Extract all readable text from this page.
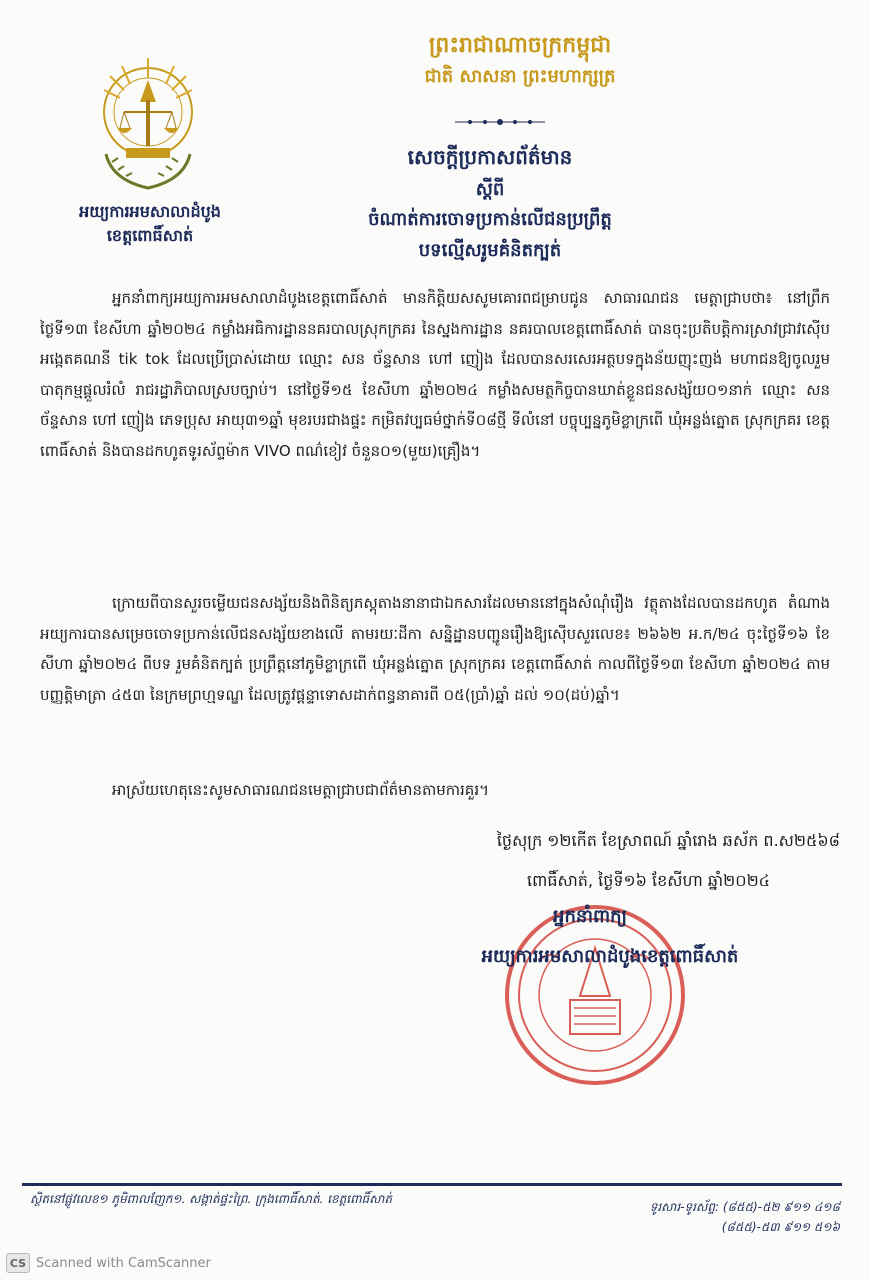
អយ្យការអមសាលាដំបូង
ខេត្តពោធិ៍សាត់
ព្រះរាជាណាចក្រកម្ពុជា
ជាតិ សាសនា ព្រះមហាក្សត្រ
សេចក្ដីប្រកាសព័ត៌មាន
ស្ដីពី
ចំណាត់ការចោទប្រកាន់លើជនប្រព្រឹត្ត
បទល្មើសរូមគំនិតក្បត់
អ្នកនាំពាក្យអយ្យការអមសាលាដំបូងខេត្តពោធិ៍សាត់ មានកិត្តិយសសូមគោរពជម្រាបជូន សាធារណជន មេត្តាជ្រាបថា៖ នៅព្រឹកថ្ងៃទី១៣ ខែសីហា ឆ្នាំ២០២៤ កម្លាំងអធិការដ្ឋាននគរបាលស្រុកក្រគរ នៃស្នងការដ្ឋាន នគរបាលខេត្តពោធិ៍សាត់ បានចុះប្រតិបត្តិការស្រាវជ្រាវស៊ើបអង្កេតគណនី tik tok ដែលប្រើប្រាស់ដោយ ឈ្មោះ សន ច័ន្ទសាន ហៅ ញៀង ដែលបានសរសេរអត្ថបទក្នុងន័យញុះញង់ មហាជនឱ្យចូលរួមបាតុកម្មផ្ដួលរំលំ រាជរដ្ឋាភិបាលស្របច្បាប់។ នៅថ្ងៃទី១៥ ខែសីហា ឆ្នាំ២០២៤ កម្លាំងសមត្ថកិច្ចបានឃាត់ខ្លួនជនសង្ស័យ០១នាក់ ឈ្មោះ សន ច័ន្ទសាន ហៅ ញៀង ភេទប្រុស អាយុ៣១ឆ្នាំ មុខរបរជាងផ្ទះ កម្រិតវប្បធម៌ថ្នាក់ទី០៨ថ្មី ទីលំនៅ បច្ចុប្បន្នភូមិខ្លាក្រពើ ឃុំអន្លង់ត្នោត ស្រុកក្រគរ ខេត្តពោធិ៍សាត់ និងបានដកហូតទូរស័ព្ទម៉ាក VIVO ពណ៌ខៀវ ចំនួន០១(មួយ)គ្រឿង។
ក្រោយពីបានសួរចម្លើយជនសង្ស័យនិងពិនិត្យភស្តុតាងនានាជាឯកសារដែលមាននៅក្នុងសំណុំរឿង វត្ថុតាងដែលបានដកហូត តំណាងអយ្យការបានសម្រេចចោទប្រកាន់លើជនសង្ស័យខាងលើ តាមរយៈដីកា សន្និដ្ឋានបញ្ជូនរឿងឱ្យស៊ើបសួរលេខ៖ ២៦៦២ អ.ក/២៤ ចុះថ្ងៃទី១៦ ខែសីហា ឆ្នាំ២០២៤ ពីបទ រួមគំនិតក្បត់ ប្រព្រឹត្តនៅភូមិខ្លាក្រពើ ឃុំអន្លង់ត្នោត ស្រុកក្រគរ ខេត្តពោធិ៍សាត់ កាលពីថ្ងៃទី១៣ ខែសីហា ឆ្នាំ២០២៤ តាម បញ្ញត្តិមាត្រា ៤៥៣ នៃក្រមព្រហ្មទណ្ឌ ដែលត្រូវផ្ដន្ទាទោសដាក់ពន្ធនាគារពី ០៥(ប្រាំ)ឆ្នាំ ដល់ ១០(ដប់)ឆ្នាំ។
អាស្រ័យហេតុនេះសូមសាធារណជនមេត្តាជ្រាបជាព័ត៌មានតាមការគួរ។
ថ្ងៃសុក្រ ១២កើត ខែស្រាពណ៍ ឆ្នាំរោង ឆស័ក ព.ស២៥៦៨
ពោធិ៍សាត់, ថ្ងៃទី១៦ ខែសីហា ឆ្នាំ២០២៤
អ្នកនាំពាក្យ
អយ្យការអមសាលាដំបូងខេត្តពោធិ៍សាត់
ស្ថិតនៅផ្លូវលេខ១ ភូមិពាលញែក១. សង្កាត់ផ្ទះព្រៃ. ក្រុងពោធិ៍សាត់. ខេត្តពោធិ៍សាត់
ទូរសារ-ទូរស័ព្ទ: (៨៥៥)-៥២ ៩១១ ៤១៨
(៨៥៥)-៥៣ ៩១១ ៥១៦
CS Scanned with CamScanner
